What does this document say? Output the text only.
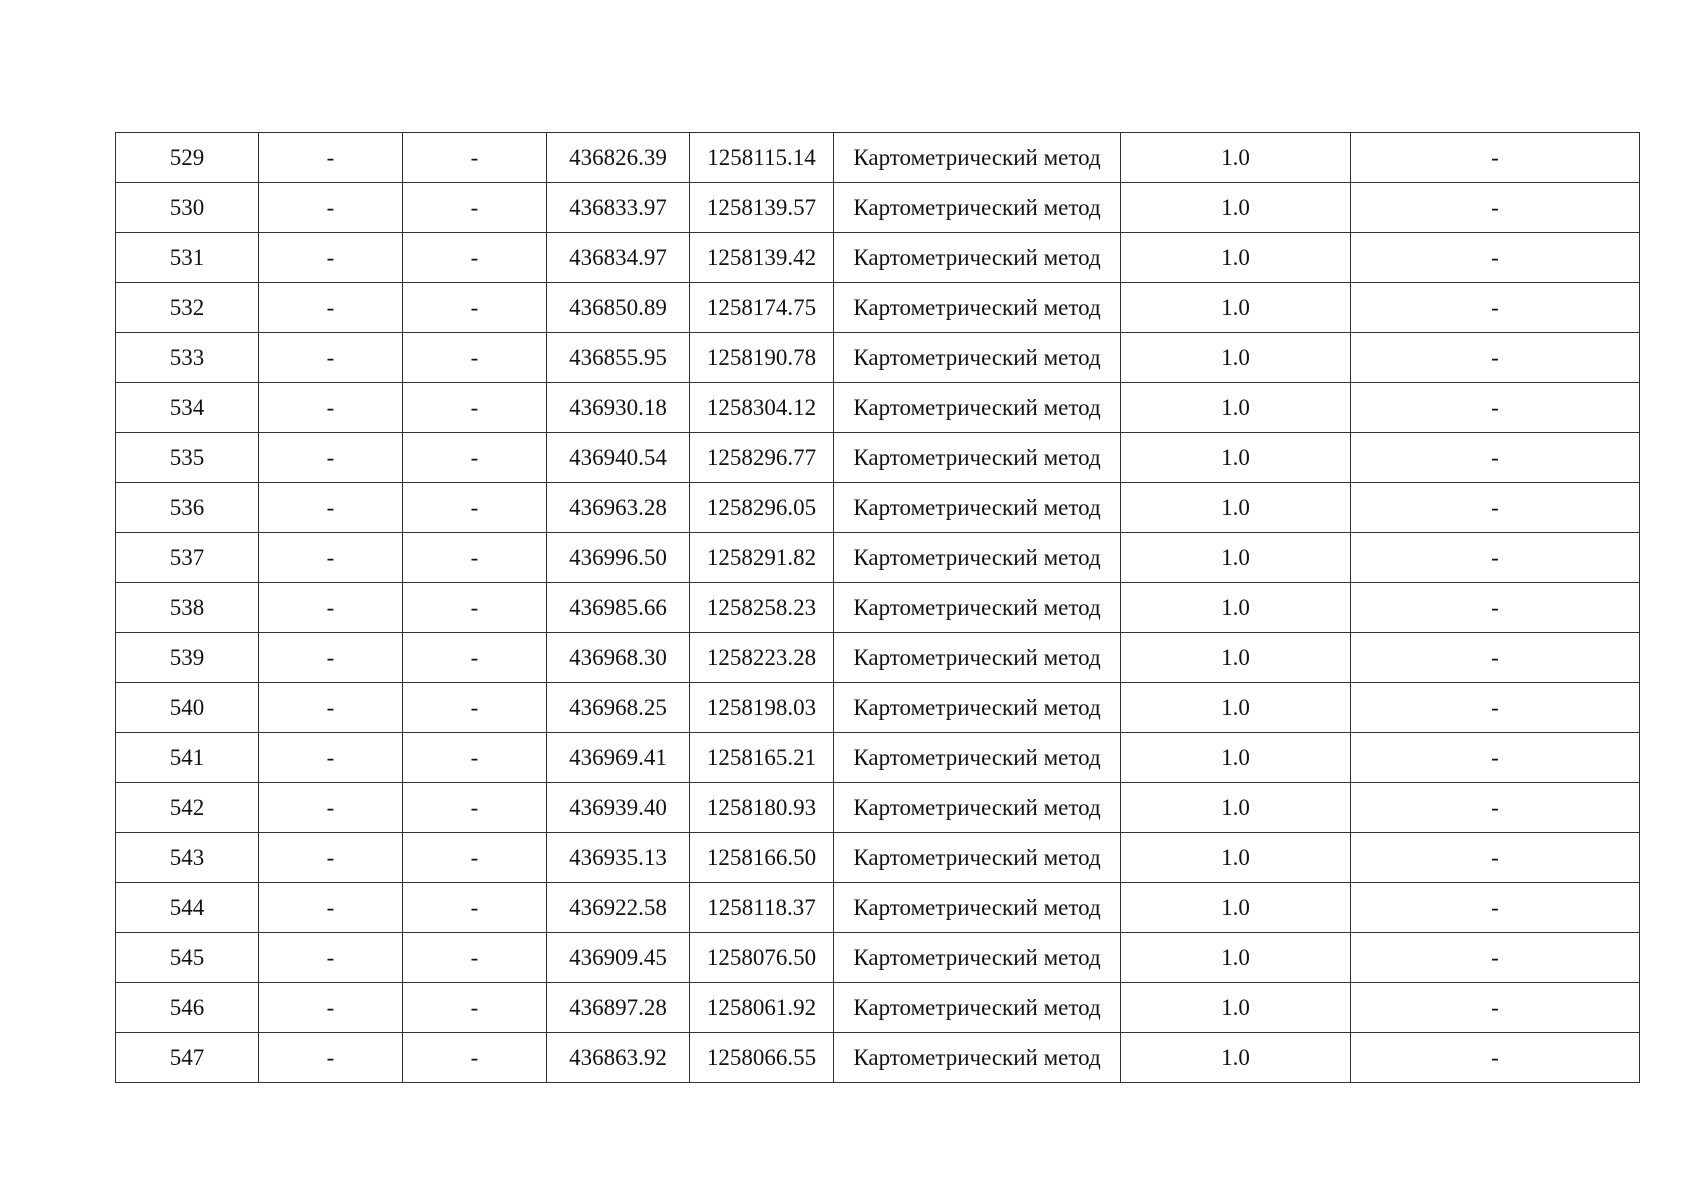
529	-	-	436826.39	1258115.14	Картометрический метод	1.0	-
530	-	-	436833.97	1258139.57	Картометрический метод	1.0	-
531	-	-	436834.97	1258139.42	Картометрический метод	1.0	-
532	-	-	436850.89	1258174.75	Картометрический метод	1.0	-
533	-	-	436855.95	1258190.78	Картометрический метод	1.0	-
534	-	-	436930.18	1258304.12	Картометрический метод	1.0	-
535	-	-	436940.54	1258296.77	Картометрический метод	1.0	-
536	-	-	436963.28	1258296.05	Картометрический метод	1.0	-
537	-	-	436996.50	1258291.82	Картометрический метод	1.0	-
538	-	-	436985.66	1258258.23	Картометрический метод	1.0	-
539	-	-	436968.30	1258223.28	Картометрический метод	1.0	-
540	-	-	436968.25	1258198.03	Картометрический метод	1.0	-
541	-	-	436969.41	1258165.21	Картометрический метод	1.0	-
542	-	-	436939.40	1258180.93	Картометрический метод	1.0	-
543	-	-	436935.13	1258166.50	Картометрический метод	1.0	-
544	-	-	436922.58	1258118.37	Картометрический метод	1.0	-
545	-	-	436909.45	1258076.50	Картометрический метод	1.0	-
546	-	-	436897.28	1258061.92	Картометрический метод	1.0	-
547	-	-	436863.92	1258066.55	Картометрический метод	1.0	-
